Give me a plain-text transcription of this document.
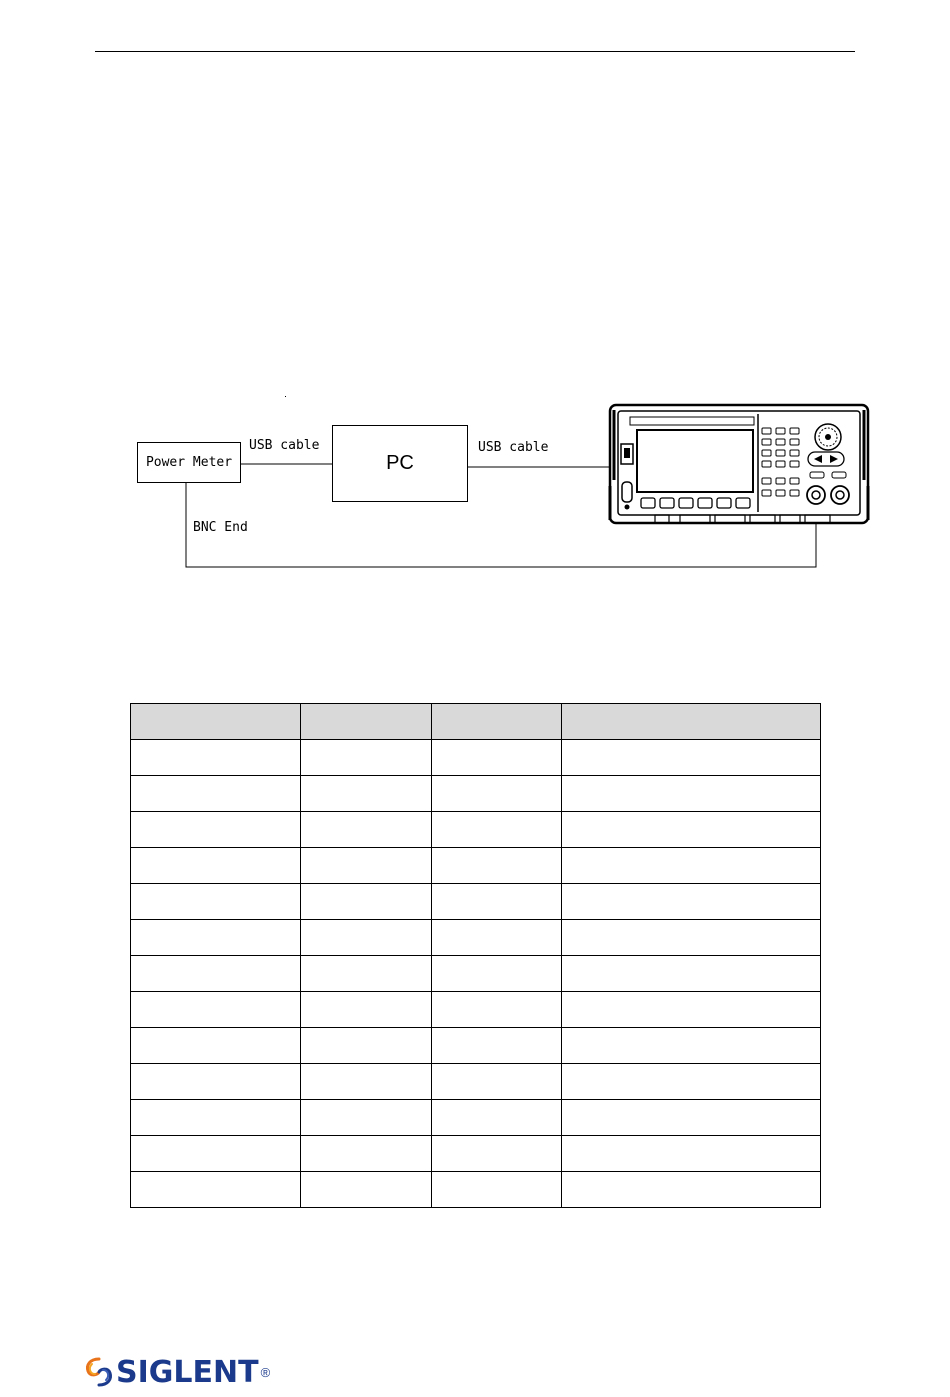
Power Meter
USB cable
PC
USB cable
BNC End

SIGLENT ®
